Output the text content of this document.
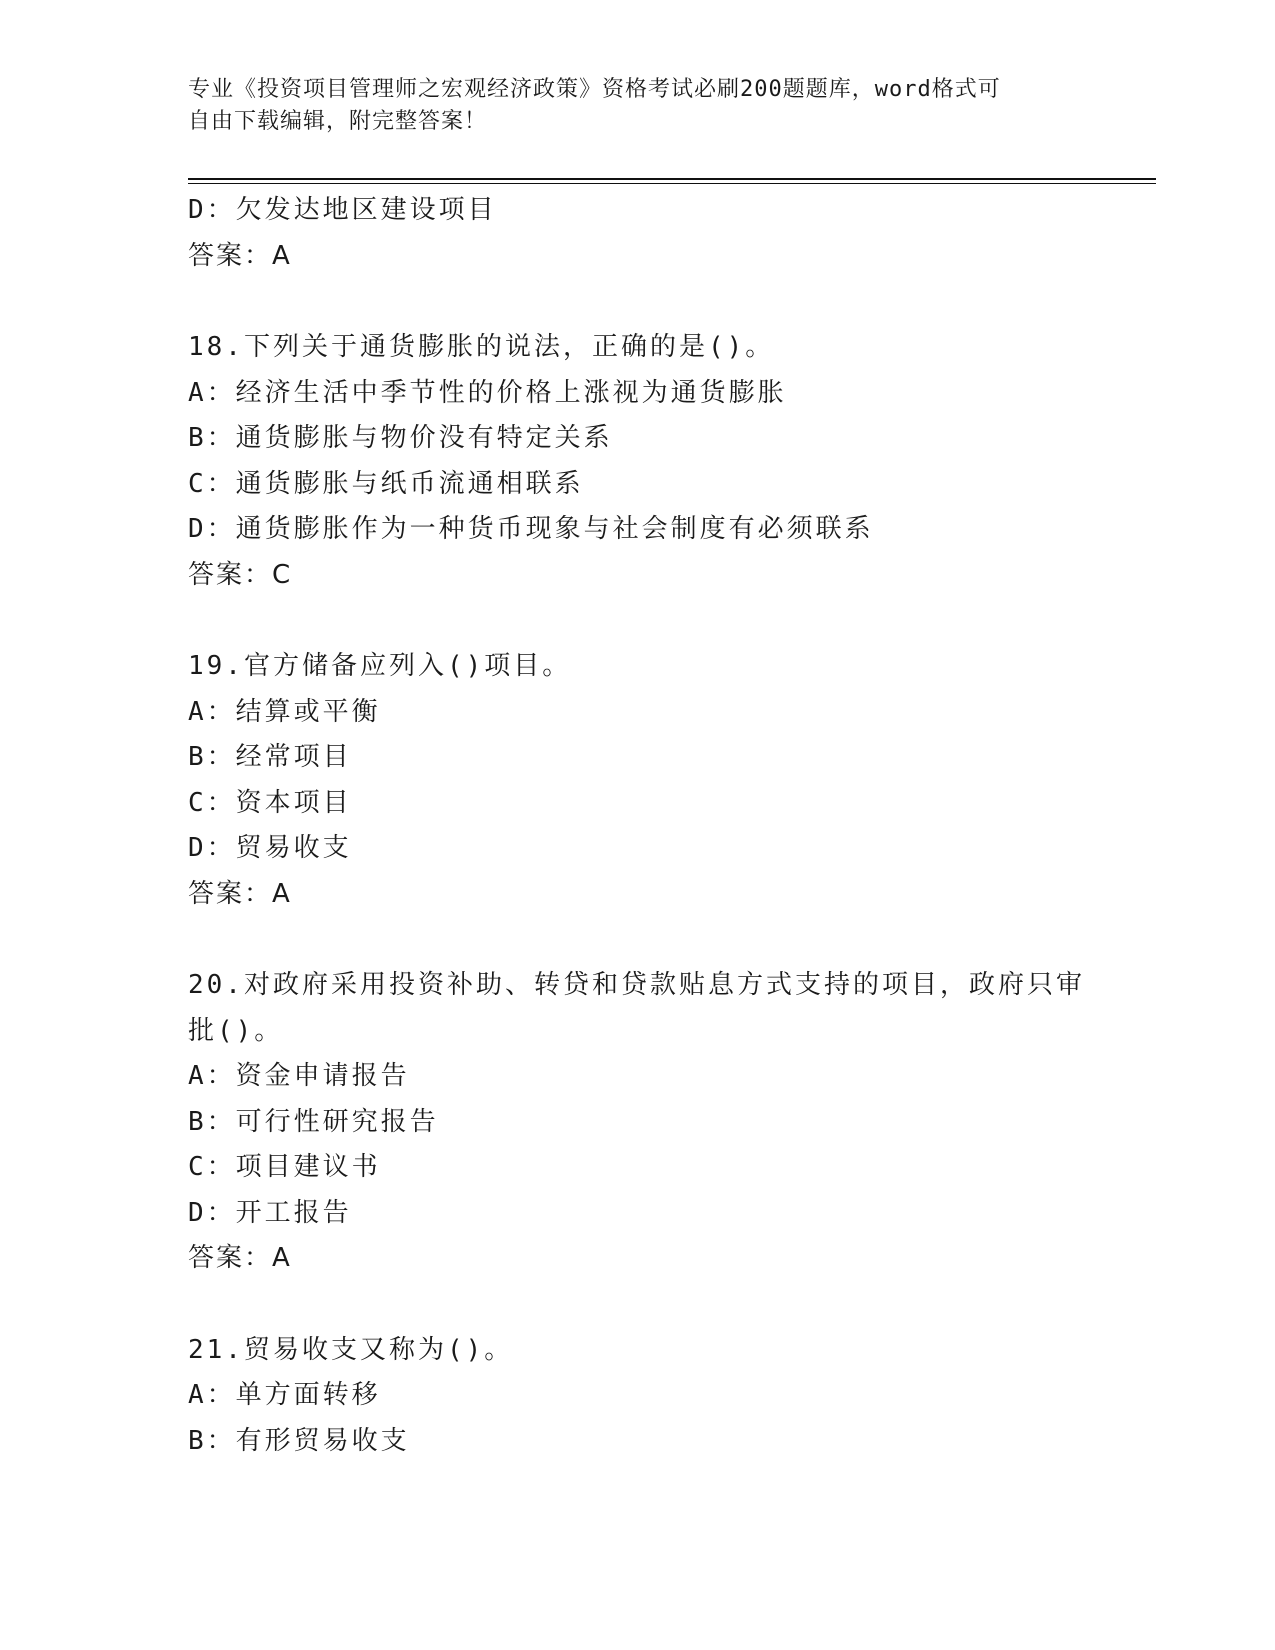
专业《投资项目管理师之宏观经济政策》资格考试必刷200题题库，word格式可
自由下载编辑，附完整答案！
D：欠发达地区建设项目
答案：A
18.下列关于通货膨胀的说法，正确的是()。
A：经济生活中季节性的价格上涨视为通货膨胀
B：通货膨胀与物价没有特定关系
C：通货膨胀与纸币流通相联系
D：通货膨胀作为一种货币现象与社会制度有必须联系
答案：C
19.官方储备应列入()项目。
A：结算或平衡
B：经常项目
C：资本项目
D：贸易收支
答案：A
20.对政府采用投资补助、转贷和贷款贴息方式支持的项目，政府只审
批()。
A：资金申请报告
B：可行性研究报告
C：项目建议书
D：开工报告
答案：A
21.贸易收支又称为()。
A：单方面转移
B：有形贸易收支
